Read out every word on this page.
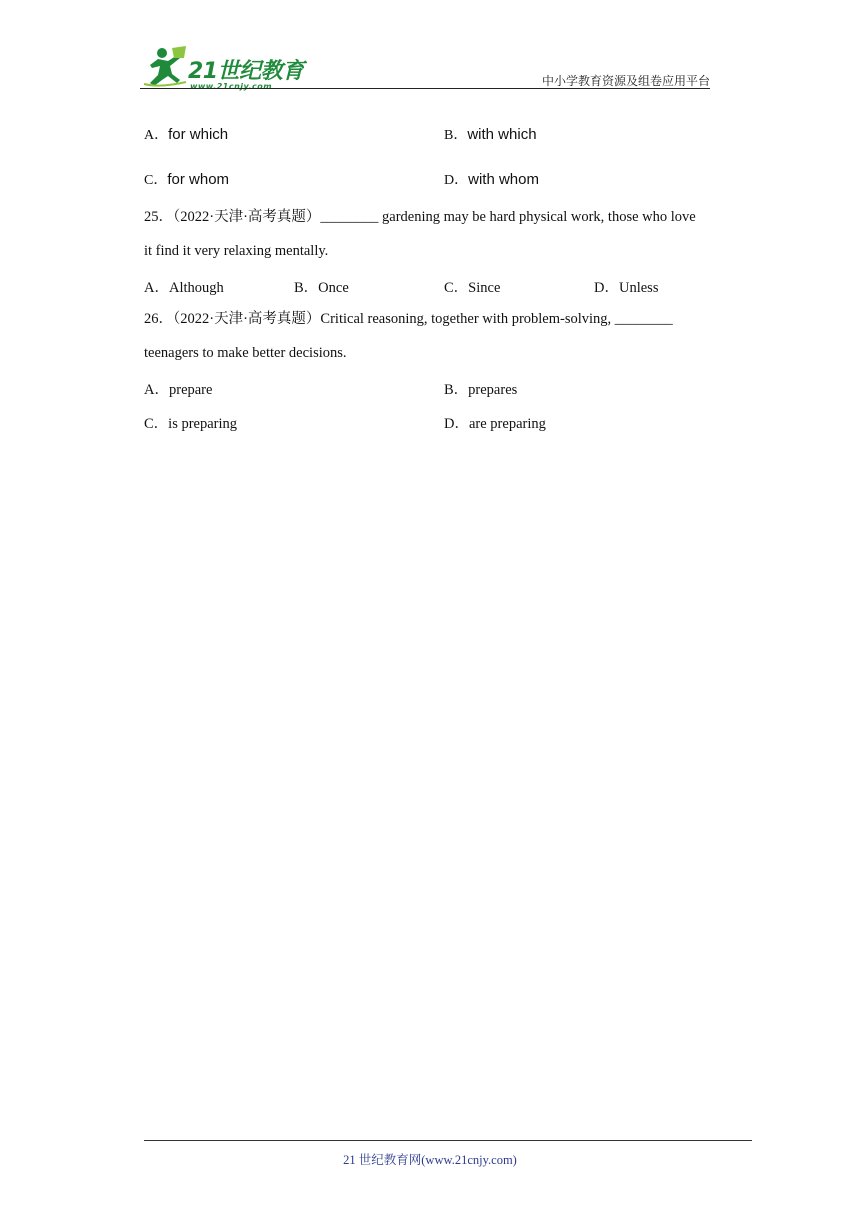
21世纪教育
www.21cnjy.com	中小学教育资源及组卷应用平台
A．for which	B．with which
C．for whom	D．with whom
25．（2022·天津·高考真题）________ gardening may be hard physical work, those who love
it find it very relaxing mentally.
A．Although	B．Once	C．Since	D．Unless
26．（2022·天津·高考真题）Critical reasoning, together with problem-solving, ________
teenagers to make better decisions.
A．prepare	B．prepares
C．is preparing	D．are preparing
21 世纪教育网(www.21cnjy.com)
